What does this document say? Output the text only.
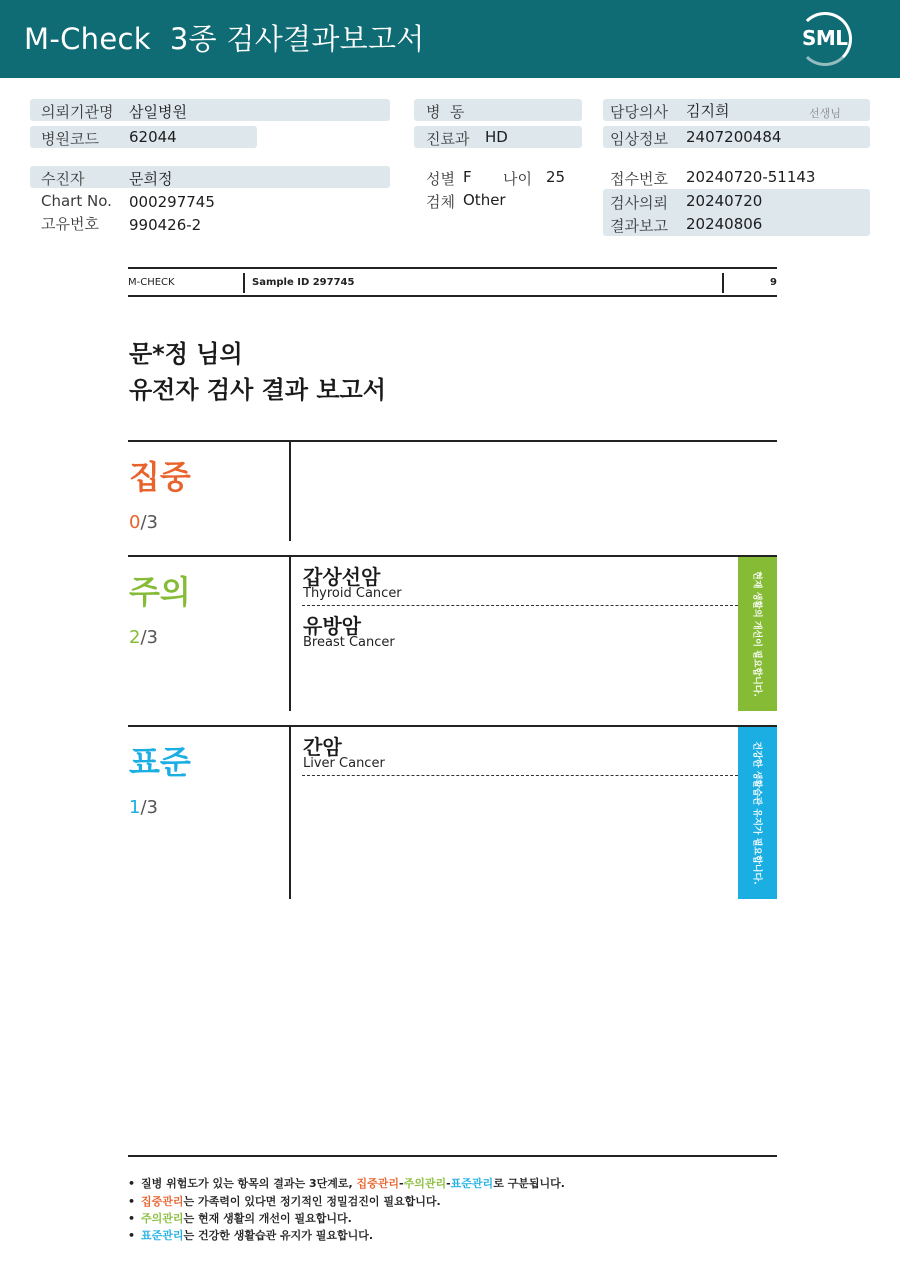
M-Check  3종 검사결과보고서	SML
의뢰기관명 삼일병원
병원코드 62044
수진자	문희정
Chart No. 000297745
고유번호 990426-2
병  동
진료과 HD
성별 F 나이 25
검체 Other
담당의사 김지희	선생님
임상정보 2407200484
접수번호 20240720-51143
검사의뢰 20240720
결과보고 20240806
M-CHECK	Sample ID 297745	9
문*정 님의
유전자 검사 결과 보고서
집중
0/3
주의
2/3
갑상선암
Thyroid Cancer
유방암
Breast Cancer	현재 생활의 개선이 필요합니다.
표준
1/3
간암
Liver Cancer	건강한 생활습관 유지가 필요합니다.
• 질병 위험도가 있는 항목의 결과는 3단계로, 집중관리-주의관리-표준관리로 구분됩니다.
• 집중관리는 가족력이 있다면 정기적인 정밀검진이 필요합니다.
• 주의관리는 현재 생활의 개선이 필요합니다.
• 표준관리는 건강한 생활습관 유지가 필요합니다.
